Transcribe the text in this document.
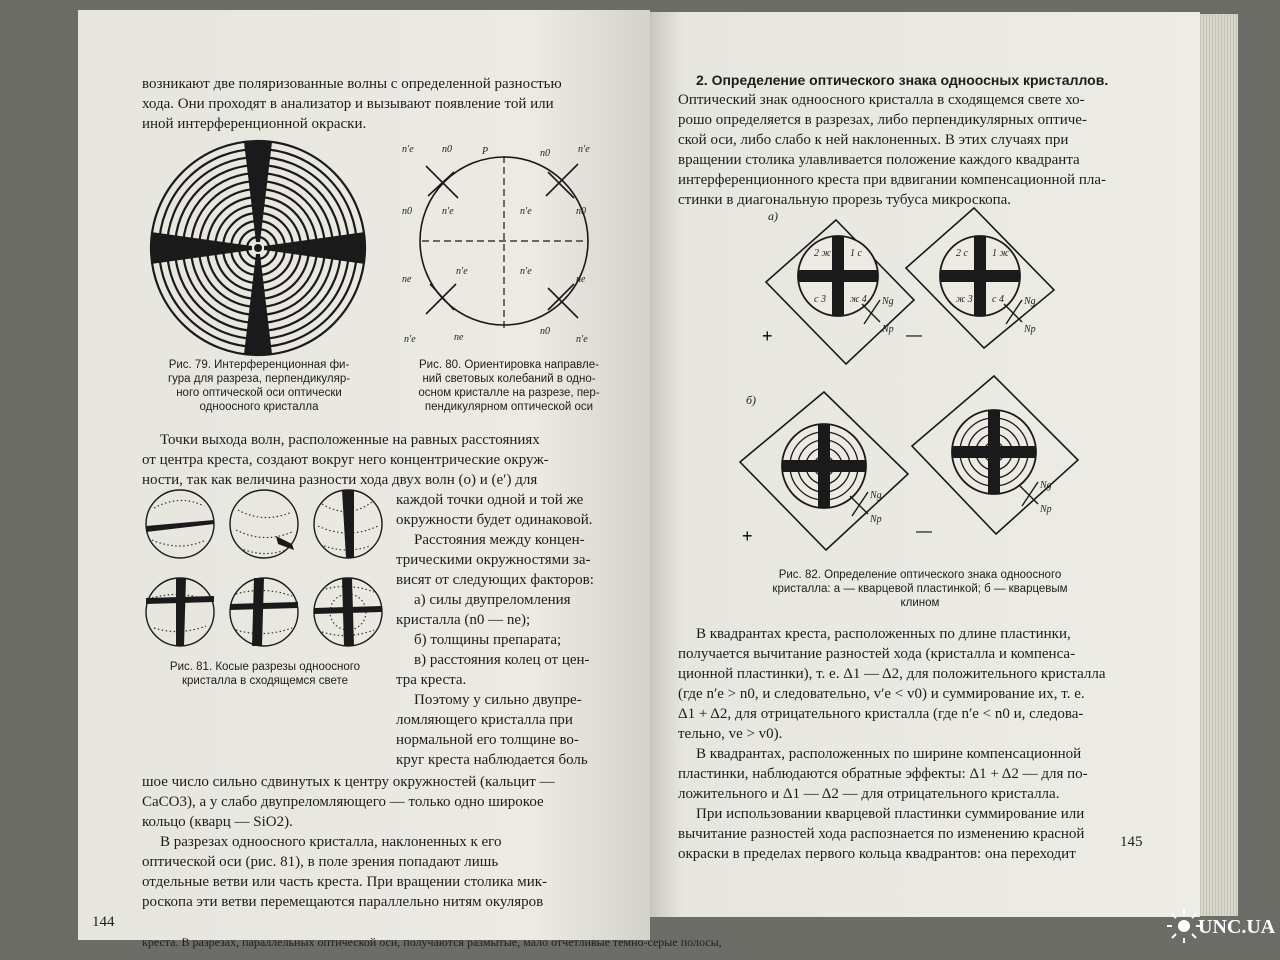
возникают две поляризованные волны с определенной разностью

хода. Они проходят в анализатор и вызывают появление той или

иной интерференционной окраски.

P
n′e	n0	n0	n′e
n0	n′e	n′e	n0
ne
n′e	n′e
ne
n′e	ne
n0
n′e

Рис. 79. Интерференционная фи-

гура для разреза, перпендикуляр-

ного оптической оси оптически

одноосного кристалла

Рис. 80. Ориентировка направле-

ний световых колебаний в одно-

осном кристалле на разрезе, пер-

пендикулярном оптической оси

Точки выхода волн, расположенные на равных расстояниях

от центра креста, создают вокруг него концентрические окруж-

ности, так как величина разности хода двух волн (o) и (e′) для

Рис. 81. Косые разрезы одноосного

кристалла в сходящемся свете

каждой точки одной и той же

окружности будет одинаковой.

Расстояния между концен-

трическими окружностями за-

висят от следующих факторов:

а) силы двупреломления

кристалла (n0 — ne);

б) толщины препарата;

в) расстояния колец от цен-

тра креста.

Поэтому у сильно двупре-

ломляющего кристалла при

нормальной его толщине во-

круг креста наблюдается боль

шое число сильно сдвинутых к центру окружностей (кальцит —

CaCO3), а у слабо двупреломляющего — только одно широкое

кольцо (кварц — SiO2).

В разрезах одноосного кристалла, наклоненных к его

оптической оси (рис. 81), в поле зрения попадают лишь

отдельные ветви или часть креста. При вращении столика мик-

роскопа эти ветви перемещаются параллельно нитям окуляров

креста. В разрезах, параллельных оптической оси, получаются размытые, мало отчетливые темно-серые полосы,

144

2. Определение оптического знака одноосных кристаллов.

Оптический знак одноосного кристалла в сходящемся свете хо-

рошо определяется в разрезах, либо перпендикулярных оптиче-

ской оси, либо слабо к ней наклоненных. В этих случаях при

вращении столика улавливается положение каждого квадранта

интерференционного креста при вдвигании компенсационной пла-

стинки в диагональную прорезь тубуса микроскопа.

а)
2 ж 1 с
с 3 ж 4
2 с 1 ж
ж 3 с 4
Ng
Np
Ng
Np
+	—
б)
Ng
Np
Ng
Np
+	—

Рис. 82. Определение оптического знака одноосного

кристалла: а — кварцевой пластинкой; б — кварцевым

клином

В квадрантах креста, расположенных по длине пластинки,

получается вычитание разностей хода (кристалла и компенса-

ционной пластинки), т. е. Δ1 — Δ2, для положительного кристалла

(где n′e > n0, и следовательно, v′e < v0) и суммирование их, т. е.

Δ1 + Δ2, для отрицательного кристалла (где n′e < n0 и, следова-

тельно, ve > v0).

В квадрантах, расположенных по ширине компенсационной

пластинки, наблюдаются обратные эффекты: Δ1 + Δ2 — для по-

ложительного и Δ1 — Δ2 — для отрицательного кристалла.

При использовании кварцевой пластинки суммирование или

вычитание разностей хода распознается по изменению красной

окраски в пределах первого кольца квадрантов: она переходит

145
UNC.UA
